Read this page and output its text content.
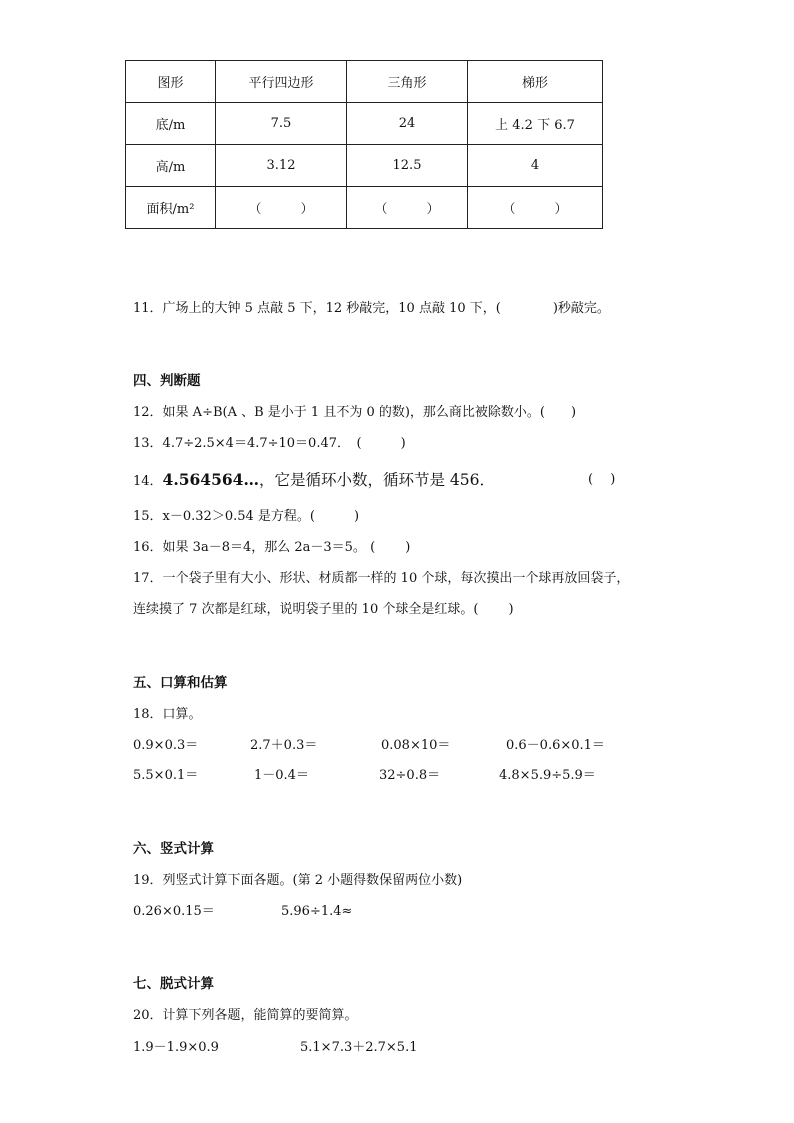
图形	平行四边形	三角形	梯形
底/m	7.5	24	上 4.2 下 6.7
高/m	3.12	12.5	4
面积/m²	（　　　）	（　　　）	（　　　）
11．广场上的大钟 5 点敲 5 下，12 秒敲完，10 点敲 10 下，(　　　　)秒敲完。
四、判断题
12．如果 A÷B(A 、B 是小于 1 且不为 0 的数)，那么商比被除数小。(　　)
13．4.7÷2.5×4＝4.7÷10＝0.47．　(　　　)
14．4.564564…，它是循环小数，循环节是 456．	(　 )
15．x－0.32＞0.54 是方程。(　　　)
16．如果 3a－8＝4，那么 2a－3＝5。 (　　 )
17．一个袋子里有大小、形状、材质都一样的 10 个球，每次摸出一个球再放回袋子，
连续摸了 7 次都是红球，说明袋子里的 10 个球全是红球。(　　 )
五、口算和估算
18．口算。
0.9×0.3＝	2.7＋0.3＝	0.08×10＝	0.6－0.6×0.1＝
5.5×0.1＝	1－0.4＝	32÷0.8＝	4.8×5.9÷5.9＝
六、竖式计算
19．列竖式计算下面各题。(第 2 小题得数保留两位小数)
0.26×0.15＝	5.96÷1.4≈
七、脱式计算
20．计算下列各题，能简算的要简算。
1.9－1.9×0.9	5.1×7.3＋2.7×5.1
